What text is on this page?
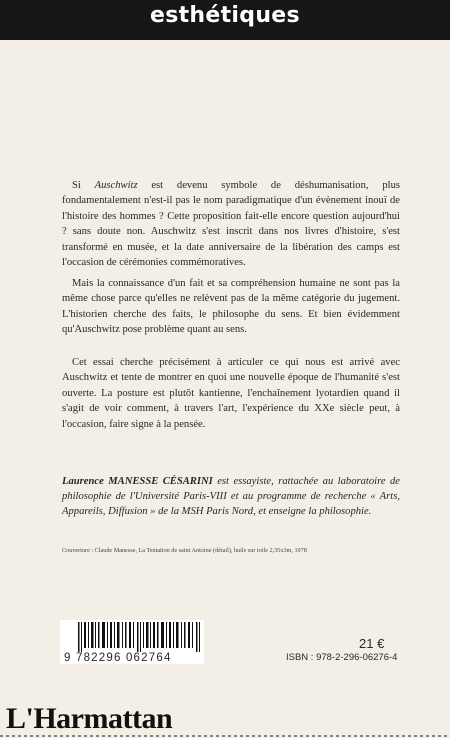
esthétiques

Si Auschwitz est devenu symbole de déshumanisation, plus fondamentalement n'est-il pas le nom paradigmatique d'un évènement inouï de l'histoire des hommes ? Cette proposition fait-elle encore question aujourd'hui ? sans doute non. Auschwitz s'est inscrit dans nos livres d'histoire, s'est transformé en musée, et la date anniversaire de la libération des camps est l'occasion de cérémonies commémoratives.

Mais la connaissance d'un fait et sa compréhension humaine ne sont pas la même chose parce qu'elles ne relèvent pas de la même catégorie du jugement. L'historien cherche des faits, le philosophe du sens. Et bien évidemment qu'Auschwitz pose problème quant au sens.

Cet essai cherche précisément à articuler ce qui nous est arrivé avec Auschwitz et tente de montrer en quoi une nouvelle époque de l'humanité s'est ouverte. La posture est plutôt kantienne, l'enchaînement lyotardien quand il s'agit de voir comment, à travers l'art, l'expérience du XXe siècle peut, à l'occasion, faire signe à la pensée.

Laurence MANESSE CÉSARINI est essayiste, rattachée au laboratoire de philosophie de l'Université Paris-VIII et au programme de recherche « Arts, Appareils, Diffusion » de la MSH Paris Nord, et enseigne la philosophie.

Couverture : Claude Manesse, La Tentation de saint Antoine (détail), huile sur toile 2,35x3m, 1978

9 782296 062764
21 €
ISBN : 978-2-296-06276-4
L'Harmattan
